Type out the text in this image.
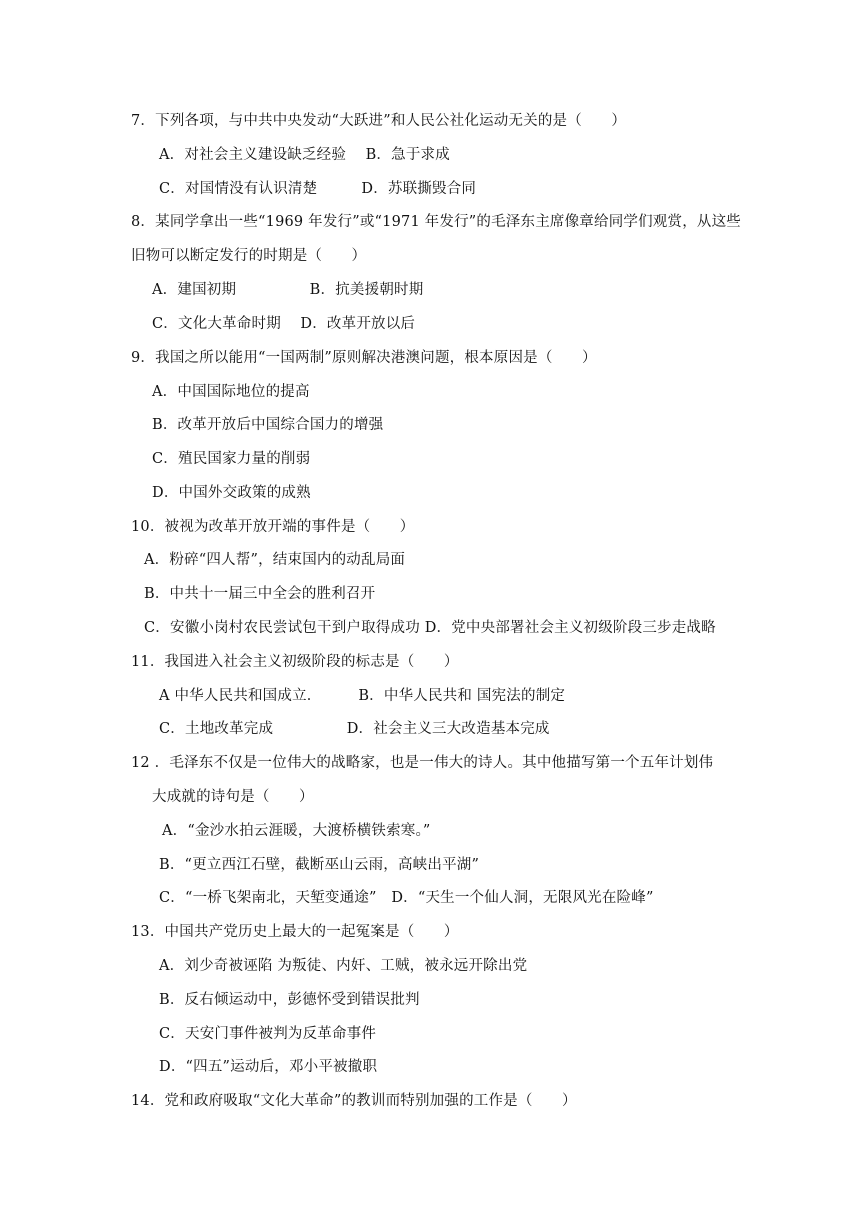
7．下列各项，与中共中央发动“大跃进”和人民公社化运动无关的是（　　）
A．对社会主义建设缺乏经验　 B．急于求成
C．对国情没有认识清楚　　　D．苏联撕毁合同
8．某同学拿出一些“1969 年发行”或“1971 年发行”的毛泽东主席像章给同学们观赏，从这些
旧物可以断定发行的时期是（　　）
A．建国初期　　　　　B．抗美援朝时期
C．文化大革命时期　 D．改革开放以后
9．我国之所以能用“一国两制”原则解决港澳问题，根本原因是（　　）
A．中国国际地位的提高
B．改革开放后中国综合国力的增强
C．殖民国家力量的削弱
D．中国外交政策的成熟
10．被视为改革开放开端的事件是（　　）
A．粉碎“四人帮”，结束国内的动乱局面
B．中共十一届三中全会的胜利召开
C．安徽小岗村农民尝试包干到户取得成功 D．党中央部署社会主义初级阶段三步走战略
11．我国进入社会主义初级阶段的标志是（　　）
A 中华人民共和国成立．　　　B．中华人民共和 国宪法的制定
C．土地改革完成　　　　　D．社会主义三大改造基本完成
12 ．毛泽东不仅是一位伟大的战略家，也是一伟大的诗人。其中他描写第一个五年计划伟
大成就的诗句是（　　）
A．“金沙水拍云涯暖，大渡桥横铁索寒。”
B．“更立西江石壁，截断巫山云雨，高峡出平湖”
C．“一桥飞架南北，天堑变通途”　D．“天生一个仙人洞，无限风光在险峰”
13．中国共产党历史上最大的一起冤案是（　　）
A．刘少奇被诬陷 为叛徒、内奸、工贼，被永远开除出党
B．反右倾运动中，彭德怀受到错误批判
C．天安门事件被判为反革命事件
D．“四五”运动后，邓小平被撤职
14．党和政府吸取“文化大革命”的教训而特别加强的工作是（　　）
